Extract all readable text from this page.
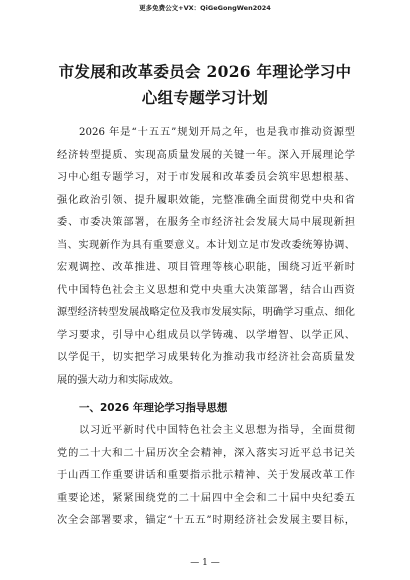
更多免费公文+VX：QiGeGongWen2024
市发展和改革委员会 2026 年理论学习中
心组专题学习计划
2026 年是“十五五”规划开局之年，也是我市推动资源型
经济转型提质、实现高质量发展的关键一年。深入开展理论学
习中心组专题学习，对于市发展和改革委员会筑牢思想根基、
强化政治引领、提升履职效能，完整准确全面贯彻党中央和省
委、市委决策部署，在服务全市经济社会发展大局中展现新担
当、实现新作为具有重要意义。本计划立足市发改委统筹协调、
宏观调控、改革推进、项目管理等核心职能，围绕习近平新时
代中国特色社会主义思想和党中央重大决策部署，结合山西资
源型经济转型发展战略定位及我市发展实际，明确学习重点、细化
学习要求，引导中心组成员以学铸魂、以学增智、以学正风、
以学促干，切实把学习成果转化为推动我市经济社会高质量发
展的强大动力和实际成效。
一、2026 年理论学习指导思想
以习近平新时代中国特色社会主义思想为指导，全面贯彻
党的二十大和二十届历次全会精神，深入落实习近平总书记关
于山西工作重要讲话和重要指示批示精神、关于发展改革工作
重要论述，紧紧围绕党的二十届四中全会和二十届中央纪委五
次全会部署要求，锚定“十五五”时期经济社会发展主要目标，
— 1 —
